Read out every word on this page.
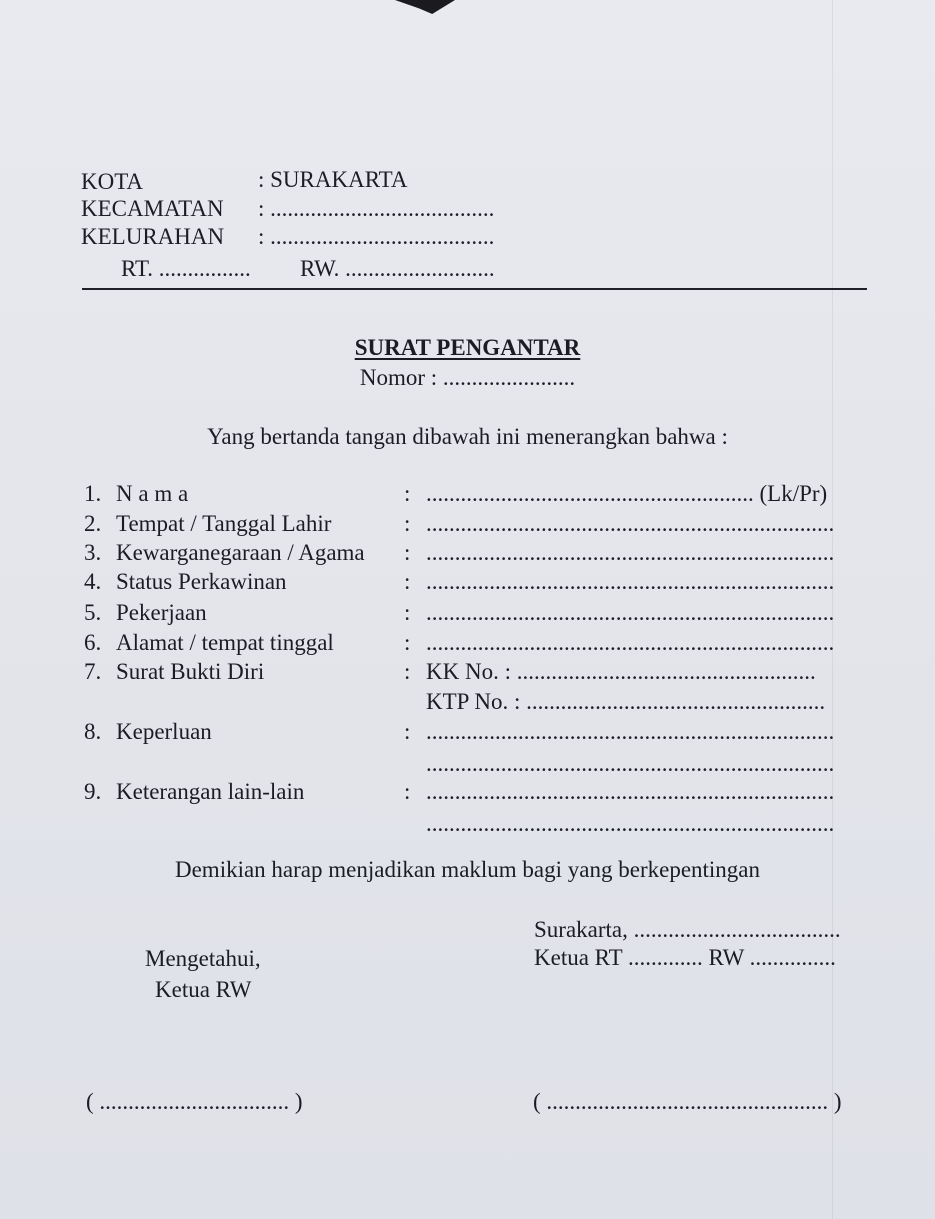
KOTA	: SURAKARTA
KECAMATAN : .......................................
KELURAHAN : .......................................
RT. ................ RW. ..........................
SURAT PENGANTAR
Nomor : .......................
Yang bertanda tangan dibawah ini menerangkan bahwa :
1. N a m a	: ......................................................... (Lk/Pr)
2. Tempat / Tanggal Lahir	: .......................................................................
3. Kewarganegaraan / Agama : .......................................................................
4. Status Perkawinan	: .......................................................................
5. Pekerjaan	: .......................................................................
6. Alamat / tempat tinggal	: .......................................................................
7. Surat Bukti Diri	: KK No. : ....................................................
KTP No. : ....................................................
8. Keperluan	: .......................................................................
.......................................................................
9. Keterangan lain-lain	: .......................................................................
.......................................................................
Demikian harap menjadikan maklum bagi yang berkepentingan
Surakarta, ....................................
Ketua RT ............. RW ...............
Mengetahui,
Ketua RW
( ................................. )	( ................................................. )
